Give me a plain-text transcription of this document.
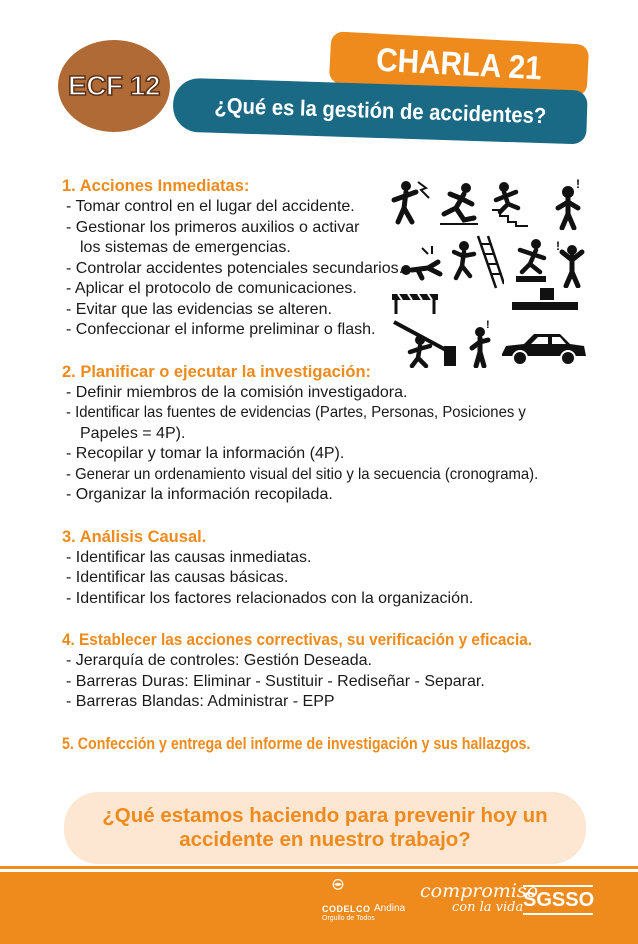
ECF 12	CHARLA 21
¿Qué es la gestión de accidentes?
!
!
!
1. Acciones Inmediatas:
- Tomar control en el lugar del accidente.
- Gestionar los primeros auxilios o activar
los sistemas de emergencias.
- Controlar accidentes potenciales secundarios.
- Aplicar el protocolo de comunicaciones.
- Evitar que las evidencias se alteren.
- Confeccionar el informe preliminar o flash.
2. Planificar o ejecutar la investigación:
- Definir miembros de la comisión investigadora.
- Identificar las fuentes de evidencias (Partes, Personas, Posiciones y
Papeles = 4P).
- Recopilar y tomar la información (4P).
- Generar un ordenamiento visual del sitio y la secuencia (cronograma).
- Organizar la información recopilada.
3. Análisis Causal.
- Identificar las causas inmediatas.
- Identificar las causas básicas.
- Identificar los factores relacionados con la organización.
4. Establecer las acciones correctivas, su verificación y eficacia.
- Jerarquía de controles: Gestión Deseada.
- Barreras Duras: Eliminar - Sustituir - Rediseñar - Separar.
- Barreras Blandas: Administrar - EPP
5. Confección y entrega del informe de investigación y sus hallazgos.
¿Qué estamos haciendo para prevenir hoy un
accidente en nuestro trabajo?
CODELCO
Orgullo de Todos
Andina
compromiso
con la vida SGSSO
